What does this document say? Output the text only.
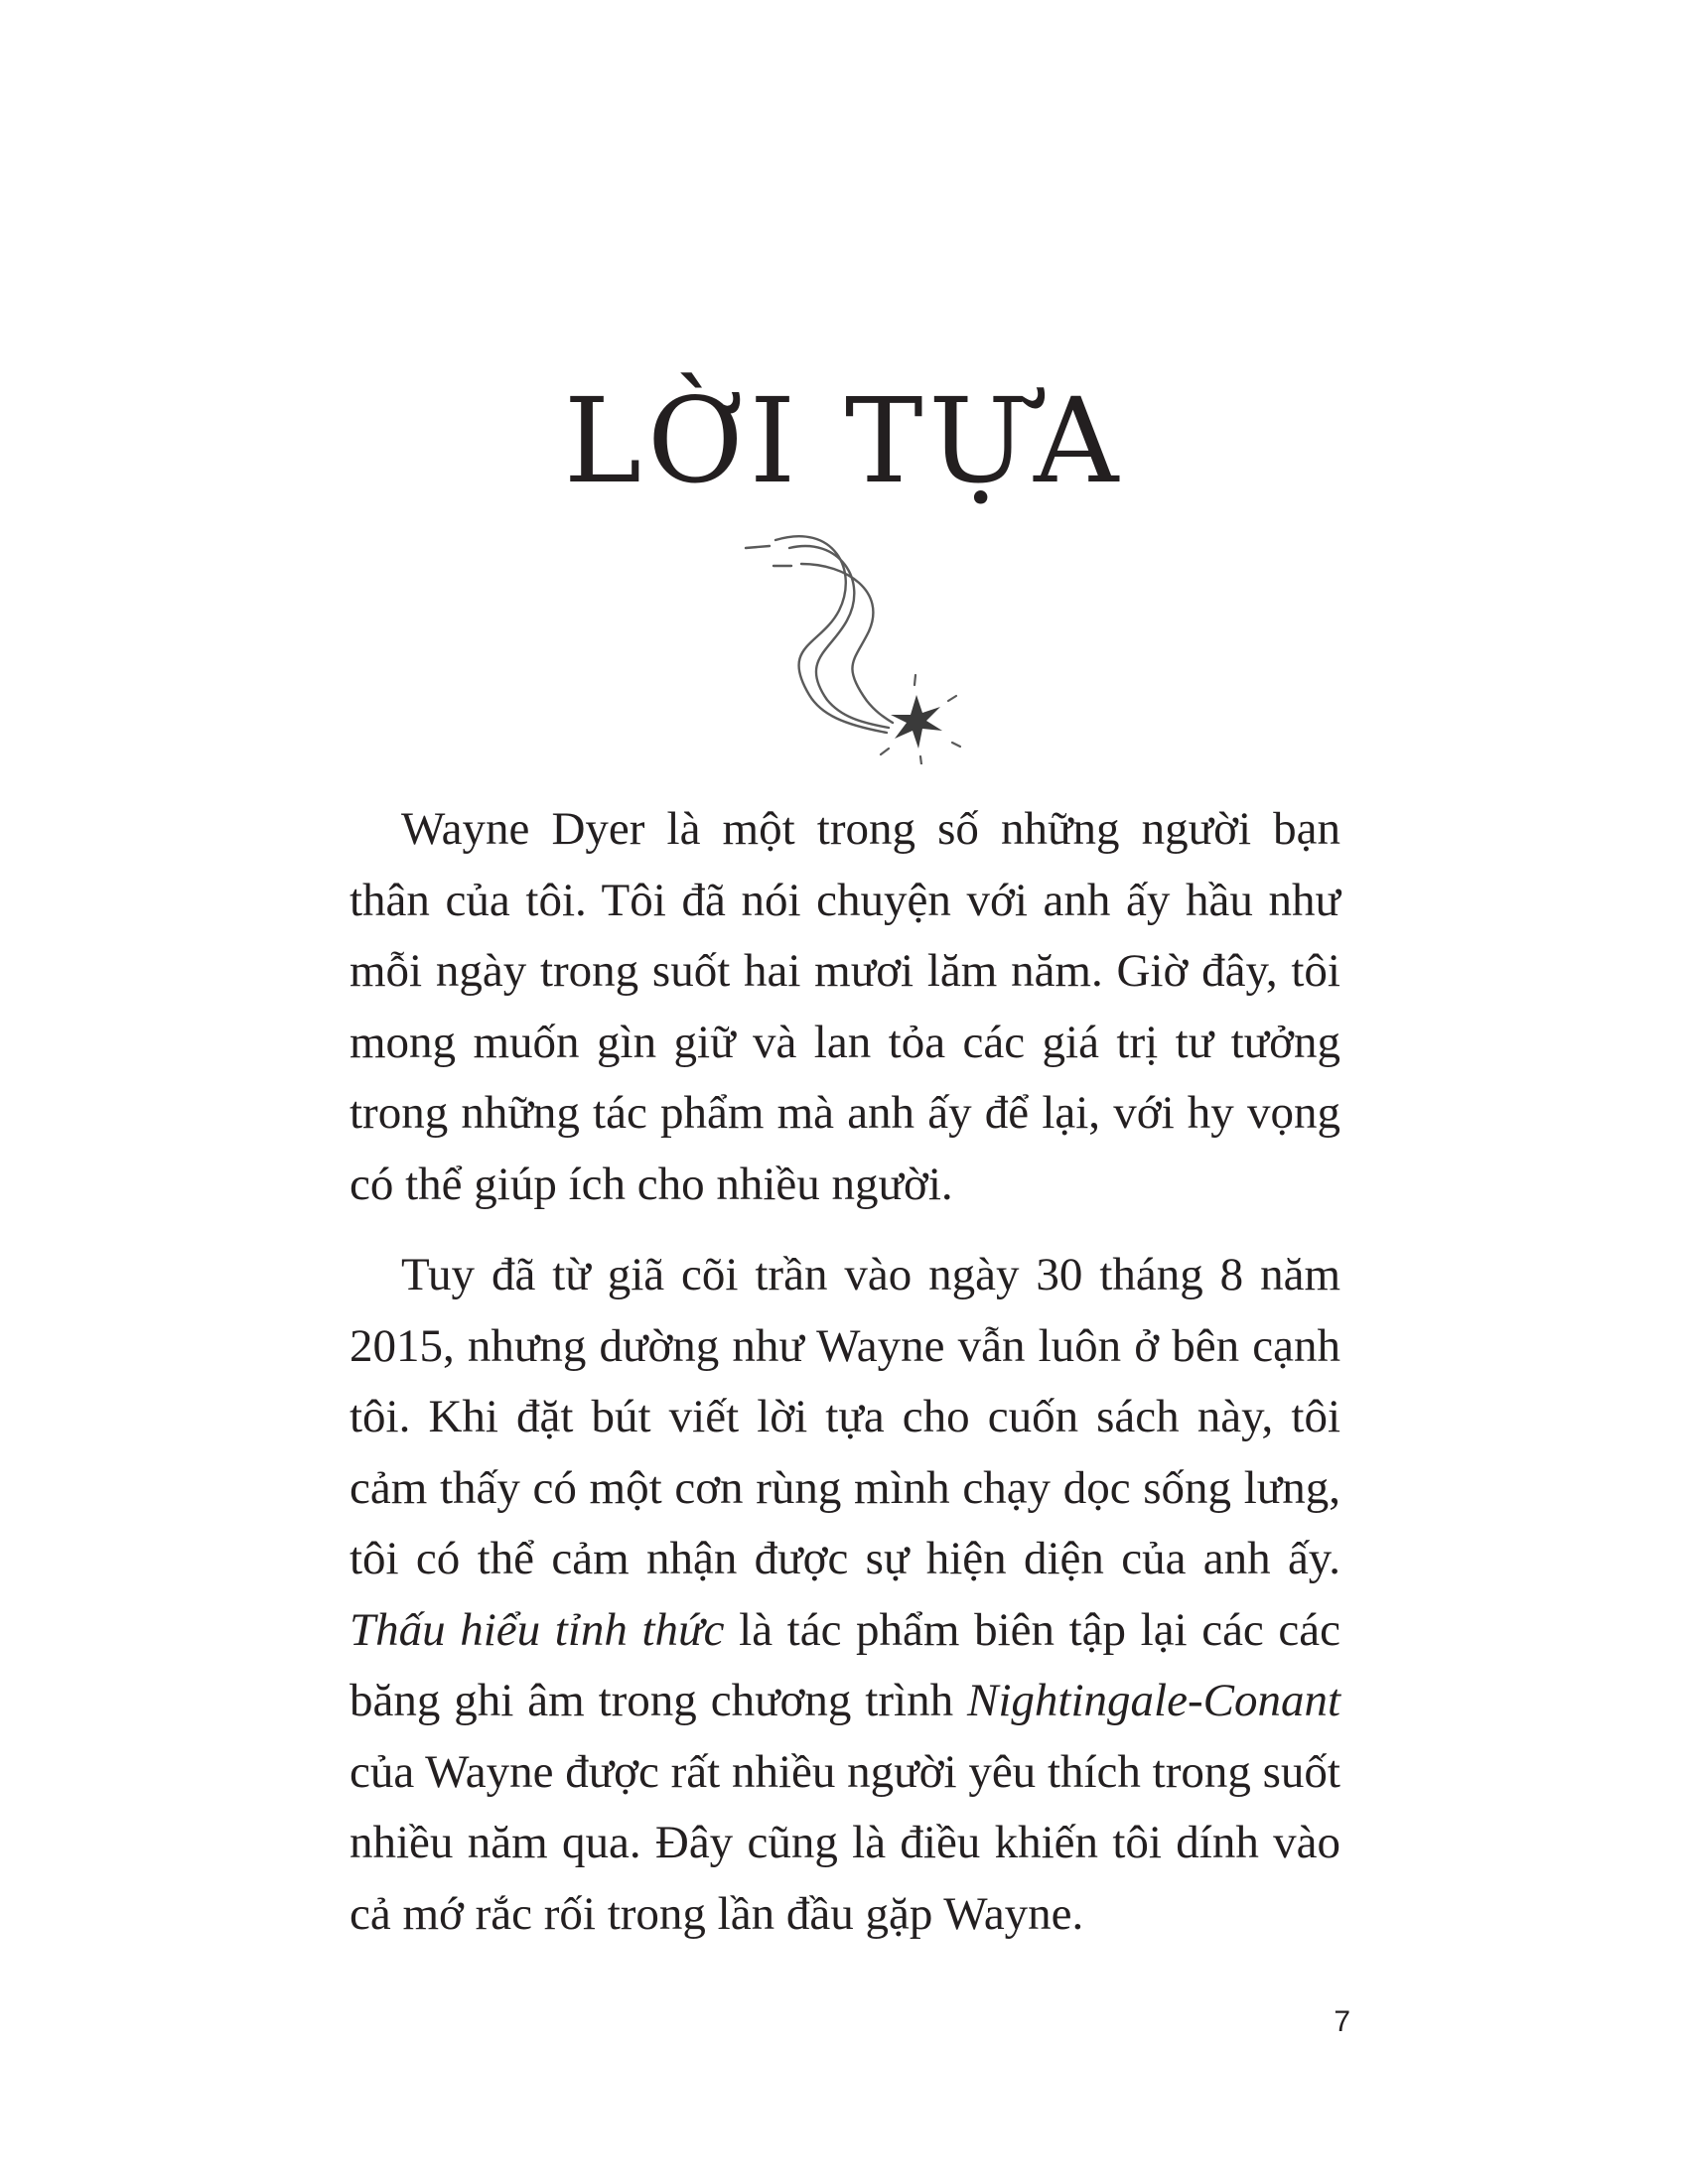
LỜI TỰA

Wayne Dyer là một trong số những người bạn thân của tôi. Tôi đã nói chuyện với anh ấy hầu như mỗi ngày trong suốt hai mươi lăm năm. Giờ đây, tôi mong muốn gìn giữ và lan tỏa các giá trị tư tưởng trong những tác phẩm mà anh ấy để lại, với hy vọng có thể giúp ích cho nhiều người.

Tuy đã từ giã cõi trần vào ngày 30 tháng 8 năm 2015, nhưng dường như Wayne vẫn luôn ở bên cạnh tôi. Khi đặt bút viết lời tựa cho cuốn sách này, tôi cảm thấy có một cơn rùng mình chạy dọc sống lưng, tôi có thể cảm nhận được sự hiện diện của anh ấy. Thấu hiểu tỉnh thức là tác phẩm biên tập lại các các băng ghi âm trong chương trình Nightingale-Conant của Wayne được rất nhiều người yêu thích trong suốt nhiều năm qua. Đây cũng là điều khiến tôi dính vào cả mớ rắc rối trong lần đầu gặp Wayne.

7
